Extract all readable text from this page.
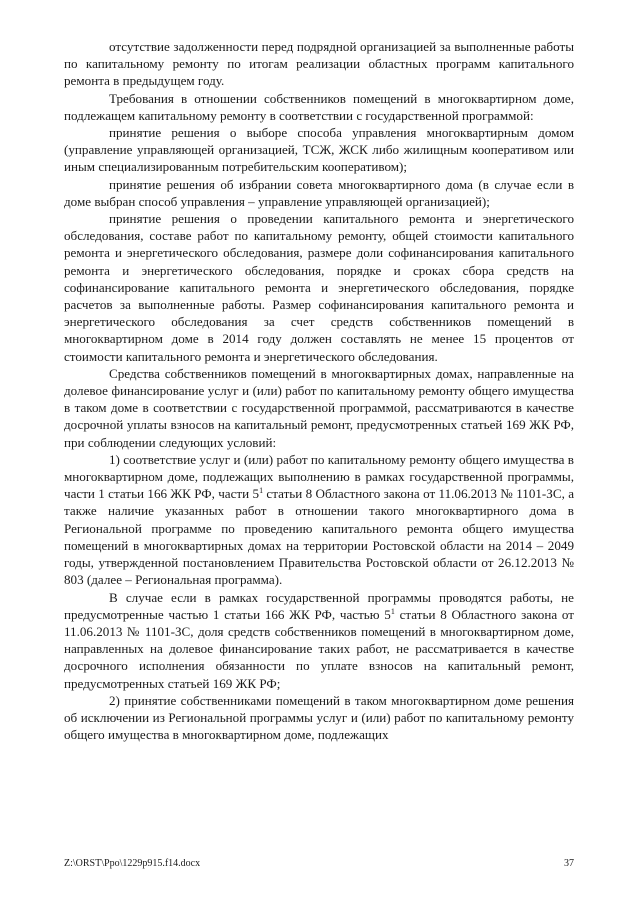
отсутствие задолженности перед подрядной организацией за выполненные работы по капитальному ремонту по итогам реализации областных программ капитального ремонта в предыдущем году.

Требования в отношении собственников помещений в многоквартирном доме, подлежащем капитальному ремонту в соответствии с государственной программой:

принятие решения о выборе способа управления многоквартирным домом (управление управляющей организацией, ТСЖ, ЖСК либо жилищным кооперативом или иным специализированным потребительским кооперативом);

принятие решения об избрании совета многоквартирного дома (в случае если в доме выбран способ управления – управление управляющей организацией);

принятие решения о проведении капитального ремонта и энергетического обследования, составе работ по капитальному ремонту, общей стоимости капитального ремонта и энергетического обследования, размере доли софинансирования капитального ремонта и энергетического обследования, порядке и сроках сбора средств на софинансирование капитального ремонта и энергетического обследования, порядке расчетов за выполненные работы. Размер софинансирования капитального ремонта и энергетического обследования за счет средств собственников помещений в многоквартирном доме в 2014 году должен составлять не менее 15 процентов от стоимости капитального ремонта и энергетического обследования.

Средства собственников помещений в многоквартирных домах, направленные на долевое финансирование услуг и (или) работ по капитальному ремонту общего имущества в таком доме в соответствии с государственной программой, рассматриваются в качестве досрочной уплаты взносов на капитальный ремонт, предусмотренных статьей 169 ЖК РФ, при соблюдении следующих условий:

1) соответствие услуг и (или) работ по капитальному ремонту общего имущества в многоквартирном доме, подлежащих выполнению в рамках государственной программы, части 1 статьи 166 ЖК РФ, части $5^1$ статьи 8 Областного закона от 11.06.2013 № 1101-ЗС, а также наличие указанных работ в отношении такого многоквартирного дома в Региональной программе по проведению капитального ремонта общего имущества помещений в многоквартирных домах на территории Ростовской области на 2014 – 2049 годы, утвержденной постановлением Правительства Ростовской области от 26.12.2013 № 803 (далее – Региональная программа).

В случае если в рамках государственной программы проводятся работы, не предусмотренные частью 1 статьи 166 ЖК РФ, частью $5^1$ статьи 8 Областного закона от 11.06.2013 № 1101-ЗС, доля средств собственников помещений в многоквартирном доме, направленных на долевое финансирование таких работ, не рассматривается в качестве досрочного исполнения обязанности по уплате взносов на капитальный ремонт, предусмотренных статьей 169 ЖК РФ;

2) принятие собственниками помещений в таком многоквартирном доме решения об исключении из Региональной программы услуг и (или) работ по капитальному ремонту общего имущества в многоквартирном доме, подлежащих

Z:\ORST\Ppo\1229p915.f14.docx	37
